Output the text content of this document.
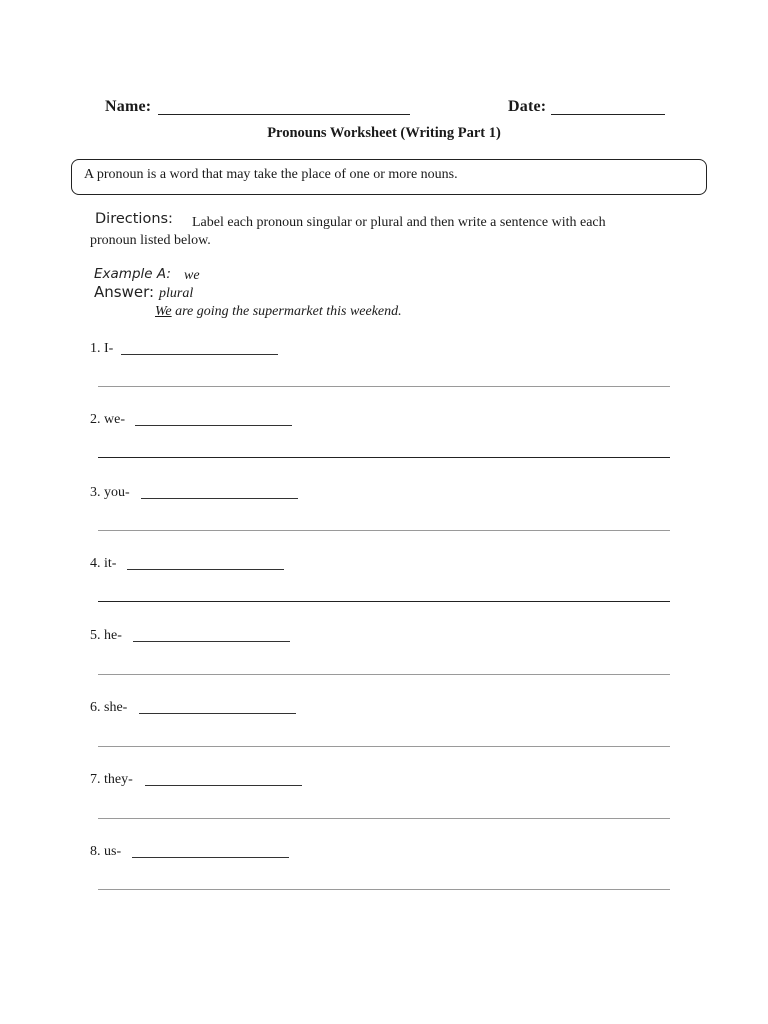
Name:	Date:
Pronouns Worksheet (Writing Part 1)
A pronoun is a word that may take the place of one or more nouns.
Directions: Label each pronoun singular or plural and then write a sentence with each
pronoun listed below.
Example A: we
Answer: plural
We are going the supermarket this weekend.
1. I-
2. we-
3. you-
4. it-
5. he-
6. she-
7. they-
8. us-
